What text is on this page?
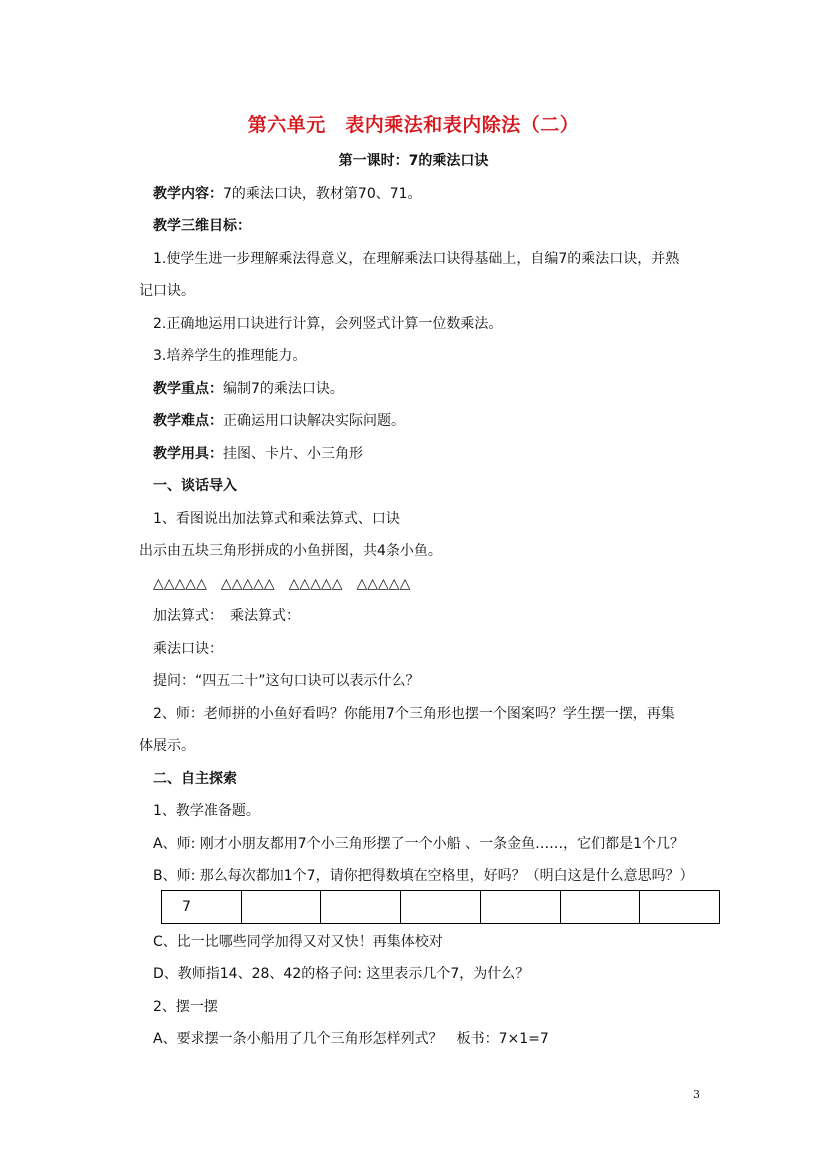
第六单元　表内乘法和表内除法（二）
第一课时：7的乘法口诀
教学内容：7的乘法口诀，教材第70、71。
教学三维目标：
1.使学生进一步理解乘法得意义，在理解乘法口诀得基础上，自编7的乘法口诀，并熟
记口诀。
2.正确地运用口诀进行计算，会列竖式计算一位数乘法。
3.培养学生的推理能力。
教学重点：编制7的乘法口诀。
教学难点：正确运用口诀解决实际问题。
教学用具：挂图、卡片、小三角形
一、谈话导入
1、看图说出加法算式和乘法算式、口诀
出示由五块三角形拼成的小鱼拼图，共4条小鱼。
△△△△△　△△△△△　△△△△△　△△△△△
加法算式：　乘法算式：
乘法口诀：
提问：“四五二十”这句口诀可以表示什么？
2、师：老师拼的小鱼好看吗？你能用7个三角形也摆一个图案吗？学生摆一摆，再集
体展示。
二、自主探索
1、教学准备题。
A、师: 刚才小朋友都用7个小三角形摆了一个小船 、一条金鱼……，它们都是1个几？
B、师: 那么每次都加1个7，请你把得数填在空格里，好吗？（明白这是什么意思吗？）
7						
C、比一比哪些同学加得又对又快！再集体校对
D、教师指14、28、42的格子问: 这里表示几个7，为什么？
2、摆一摆
A、要求摆一条小船用了几个三角形怎样列式？　板书：7×1=7
3
